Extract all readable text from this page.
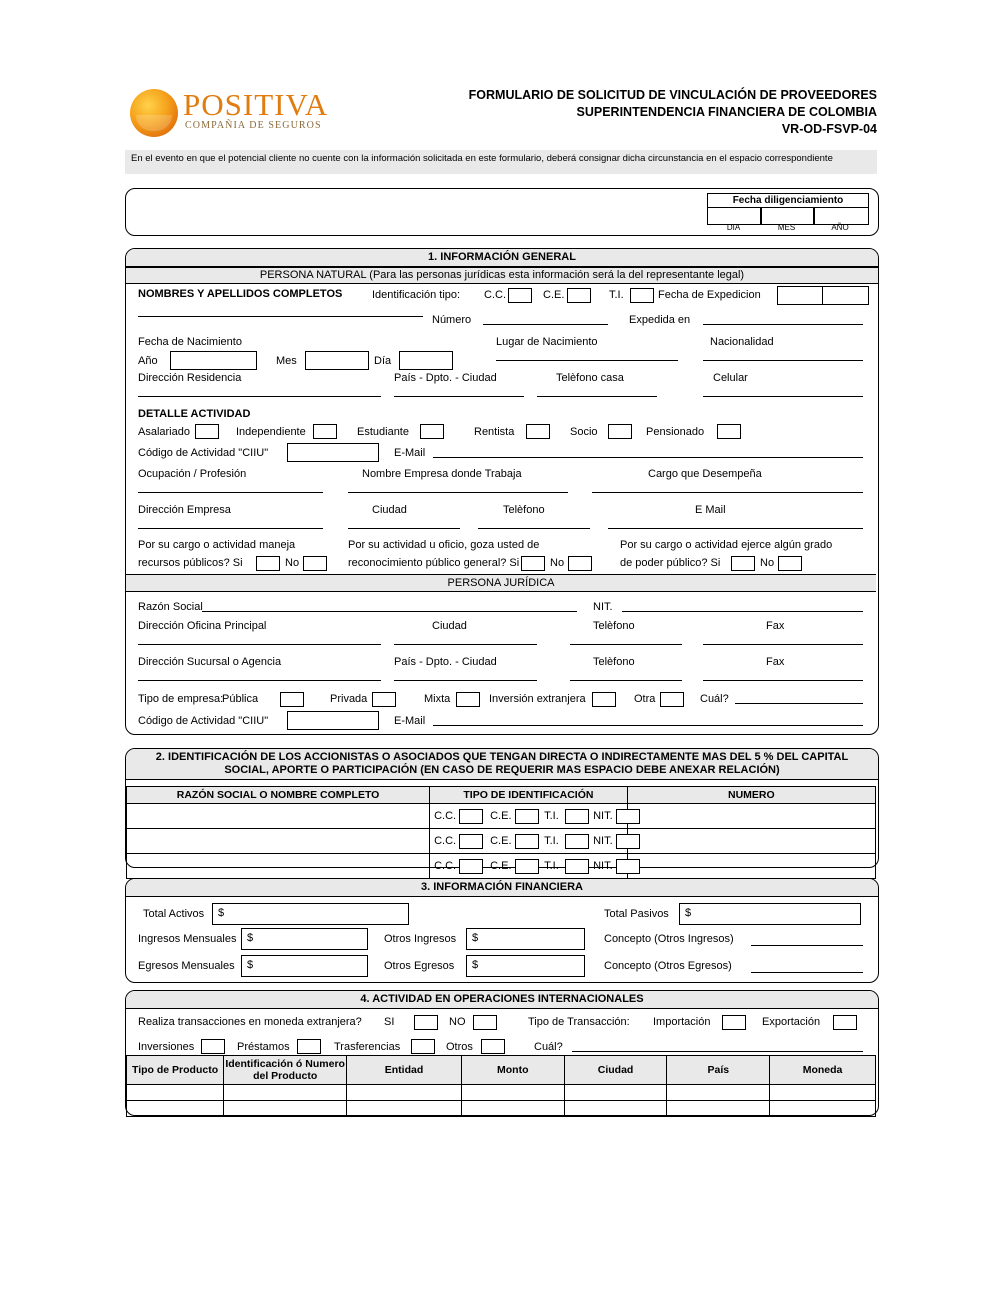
POSITIVA
COMPAÑIA DE SEGUROS
FORMULARIO DE SOLICITUD DE VINCULACIÓN DE PROVEEDORES
SUPERINTENDENCIA FINANCIERA DE COLOMBIA
VR-OD-FSVP-04

En el evento en que el potencial cliente no cuente con la información solicitada en este formulario, deberá consignar dicha circunstancia en el espacio correspondiente

Fecha diligenciamiento
DIA	MES	AÑO
1. INFORMACIÓN GENERAL
PERSONA NATURAL (Para las personas jurídicas esta información será la del representante legal)
NOMBRES Y APELLIDOS COMPLETOS	Identificación tipo: C.C.	C.E.	T.I.	Fecha de Expedicion
Número	Expedida en
Fecha de Nacimiento
Año	Mes	Día
Lugar de Nacimiento	Nacionalidad
Dirección Residencia	País - Dpto. - Ciudad	Telèfono casa	Celular
DETALLE ACTIVIDAD
Asalariado	Independiente	Estudiante	Rentista	Socio	Pensionado
Código de Actividad "CIIU"	E-Mail
Ocupación / Profesión	Nombre Empresa donde Trabaja	Cargo que Desempeña
Dirección Empresa	Ciudad	Telèfono	E Mail
Por su cargo o actividad maneja
recursos públicos? Si	No
Por su actividad u oficio, goza usted de
reconocimiento público general? Si	No
Por su cargo o actividad ejerce algún grado
de poder público? Si	No
PERSONA JURÍDICA
Razón Social	NIT.
Dirección Oficina Principal	Ciudad	Telèfono	Fax
Dirección Sucursal o Agencia	País - Dpto. - Ciudad	Telèfono	Fax
Tipo de empresa:
Pública	Privada	Mixta	Inversión extranjera	Otra	Cuál?
Código de Actividad "CIIU"	E-Mail
2. IDENTIFICACIÓN DE LOS ACCIONISTAS O ASOCIADOS QUE TENGAN DIRECTA O INDIRECTAMENTE MAS DEL 5 % DEL CAPITAL
SOCIAL, APORTE O PARTICIPACIÓN (EN CASO DE REQUERIR MAS ESPACIO DEBE ANEXAR RELACIÓN)
RAZÓN SOCIAL O NOMBRE COMPLETO	TIPO DE IDENTIFICACIÓN	NUMERO

	C.C. C.E. T.I. NIT.	

	C.C. C.E. T.I. NIT.	

	C.C. C.E. T.I. NIT.	

3. INFORMACIÓN FINANCIERA
Total Activos $	Total Pasivos $
Ingresos Mensuales $	Otros Ingresos $	Concepto (Otros Ingresos)
Egresos Mensuales $	Otros Egresos $	Concepto (Otros Egresos)
4. ACTIVIDAD EN OPERACIONES INTERNACIONALES
Realiza transacciones en moneda extranjera? SI	NO	Tipo de Transacción: Importación	Exportación
Inversiones	Préstamos	Trasferencias	Otros	Cuál?
Tipo de Producto	Identificación ó Numero del Producto	Entidad	Monto	Ciudad	País	Moneda
